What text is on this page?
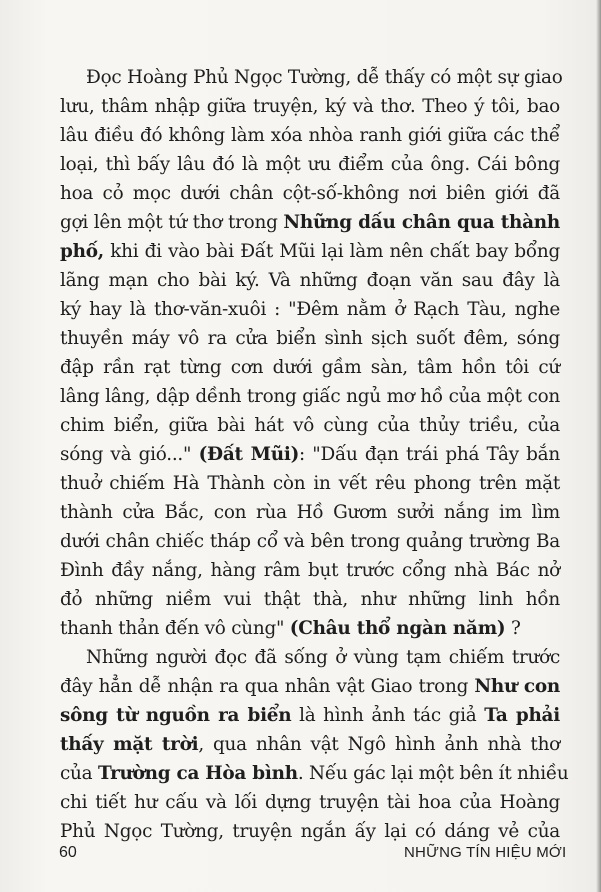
Đọc Hoàng Phủ Ngọc Tường, dễ thấy có một sự giao
lưu, thâm nhập giữa truyện, ký và thơ. Theo ý tôi, bao
lâu điều đó không làm xóa nhòa ranh giới giữa các thể
loại, thì bấy lâu đó là một ưu điểm của ông. Cái bông
hoa cỏ mọc dưới chân cột-số-không nơi biên giới đã
gợi lên một tứ thơ trong Những dấu chân qua thành
phố, khi đi vào bài Đất Mũi lại làm nên chất bay bổng
lãng mạn cho bài ký. Và những đoạn văn sau đây là
ký hay là thơ-văn-xuôi : "Đêm nằm ở Rạch Tàu, nghe
thuyền máy vô ra cửa biển sình sịch suốt đêm, sóng
đập rần rạt từng cơn dưới gầm sàn, tâm hồn tôi cứ
lâng lâng, dập dềnh trong giấc ngủ mơ hồ của một con
chim biển, giữa bài hát vô cùng của thủy triều, của
sóng và gió..." (Đất Mũi): "Dấu đạn trái phá Tây bắn
thuở chiếm Hà Thành còn in vết rêu phong trên mặt
thành cửa Bắc, con rùa Hồ Gươm sưởi nắng im lìm
dưới chân chiếc tháp cổ và bên trong quảng trường Ba
Đình đầy nắng, hàng râm bụt trước cổng nhà Bác nở
đỏ những niềm vui thật thà, như những linh hồn
thanh thản đến vô cùng" (Châu thổ ngàn năm) ?
Những người đọc đã sống ở vùng tạm chiếm trước
đây hẳn dễ nhận ra qua nhân vật Giao trong Như con
sông từ nguồn ra biển là hình ảnh tác giả Ta phải
thấy mặt trời, qua nhân vật Ngô hình ảnh nhà thơ
của Trường ca Hòa bình. Nếu gác lại một bên ít nhiều
chi tiết hư cấu và lối dựng truyện tài hoa của Hoàng
Phủ Ngọc Tường, truyện ngắn ấy lại có dáng vẻ của
60	NHỮNG TÍN HIỆU MỚI
